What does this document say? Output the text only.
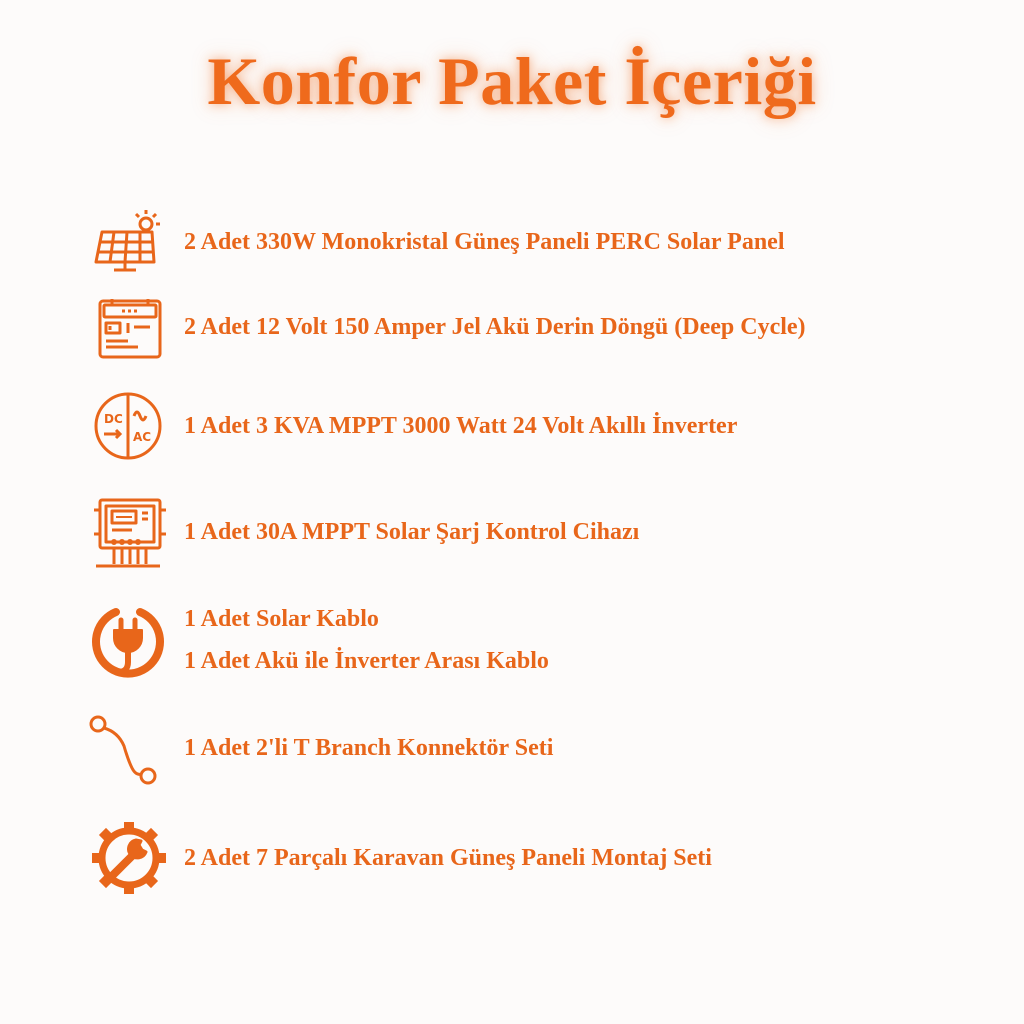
Konfor Paket İçeriği
2 Adet 330W Monokristal Güneş Paneli PERC Solar Panel
2 Adet 12 Volt 150 Amper Jel Akü Derin Döngü (Deep Cycle)
DC
AC 1 Adet 3 KVA MPPT 3000 Watt 24 Volt Akıllı İnverter
1 Adet 30A MPPT Solar Şarj Kontrol Cihazı
1 Adet Solar Kablo
1 Adet Akü ile İnverter Arası Kablo
1 Adet 2'li T Branch Konnektör Seti
2 Adet 7 Parçalı Karavan Güneş Paneli Montaj Seti
